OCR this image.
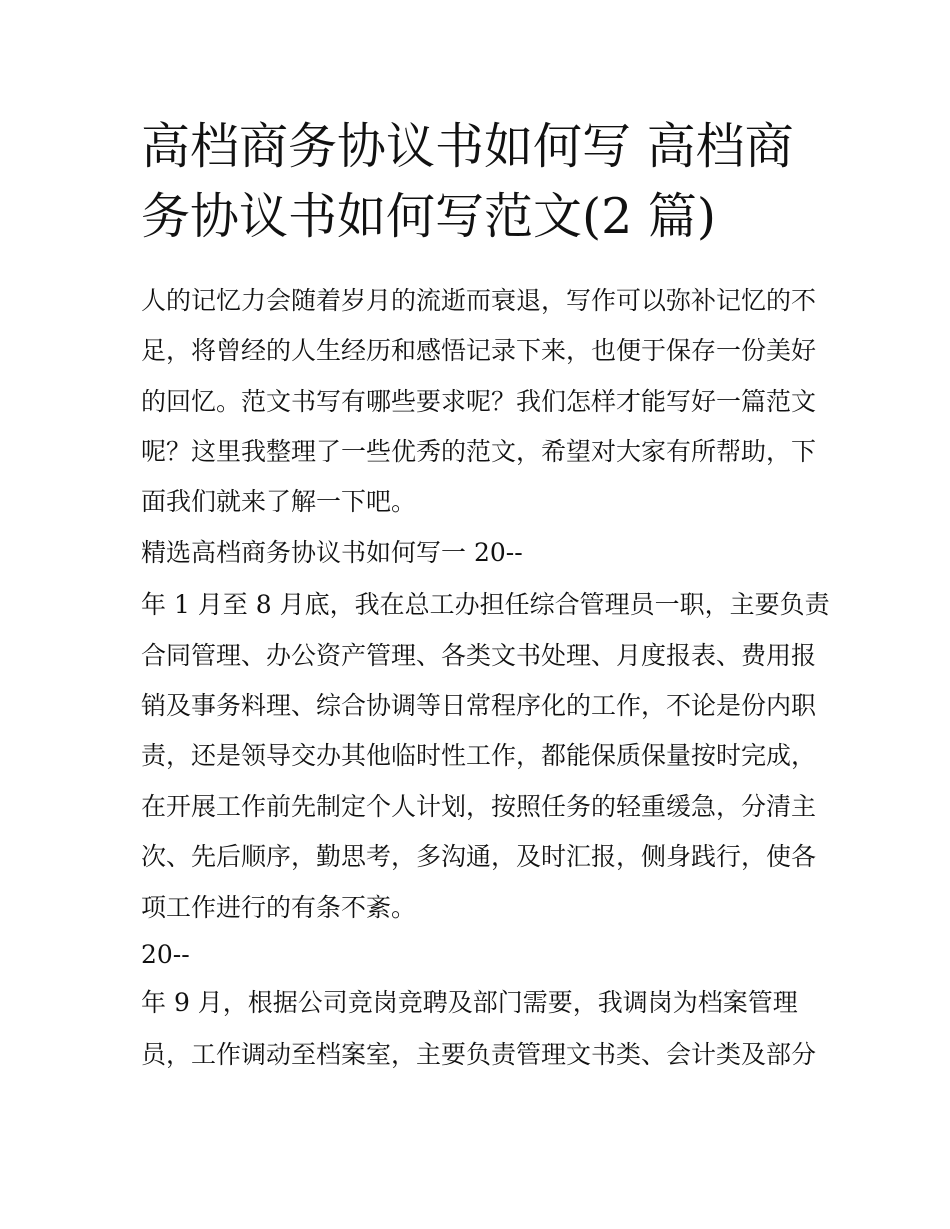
高档商务协议书如何写 高档商务协议书如何写范文(2 篇)
人的记忆力会随着岁月的流逝而衰退，写作可以弥补记忆的不
足，将曾经的人生经历和感悟记录下来，也便于保存一份美好
的回忆。范文书写有哪些要求呢？我们怎样才能写好一篇范文
呢？这里我整理了一些优秀的范文，希望对大家有所帮助，下
面我们就来了解一下吧。
精选高档商务协议书如何写一 20--
年 1 月至 8 月底，我在总工办担任综合管理员一职，主要负责
合同管理、办公资产管理、各类文书处理、月度报表、费用报
销及事务料理、综合协调等日常程序化的工作，不论是份内职
责，还是领导交办其他临时性工作，都能保质保量按时完成，
在开展工作前先制定个人计划，按照任务的轻重缓急，分清主
次、先后顺序，勤思考，多沟通，及时汇报，侧身践行，使各
项工作进行的有条不紊。
20--
年 9 月，根据公司竞岗竞聘及部门需要，我调岗为档案管理
员，工作调动至档案室，主要负责管理文书类、会计类及部分
